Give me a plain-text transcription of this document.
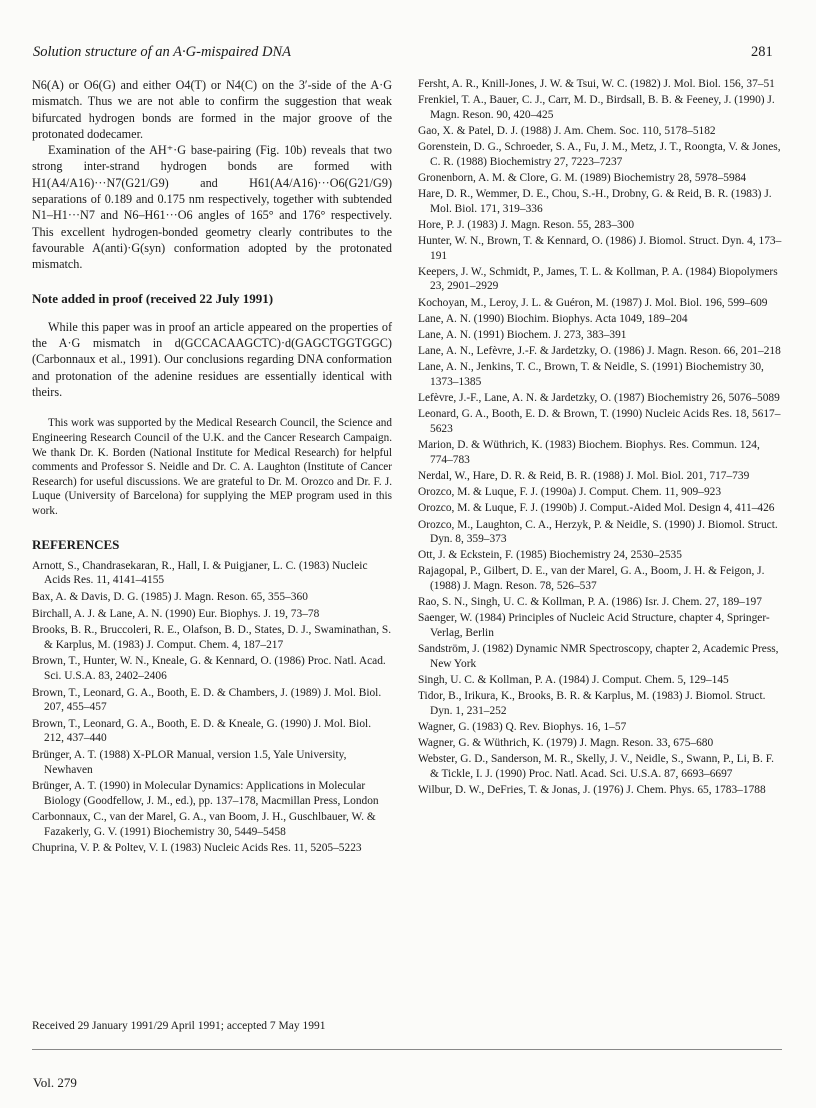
Solution structure of an A·G-mispaired DNA	281

N6(A) or O6(G) and either O4(T) or N4(C) on the 3′-side of the A·G mismatch. Thus we are not able to confirm the suggestion that weak bifurcated hydrogen bonds are formed in the major groove of the protonated dodecamer.

Examination of the AH⁺·G base-pairing (Fig. 10b) reveals that two strong inter-strand hydrogen bonds are formed with H1(A4/A16)···N7(G21/G9) and H61(A4/A16)···O6(G21/G9) separations of 0.189 and 0.175 nm respectively, together with subtended N1–H1···N7 and N6–H61···O6 angles of 165° and 176° respectively. This excellent hydrogen-bonded geometry clearly contributes to the favourable A(anti)·G(syn) conformation adopted by the protonated mismatch.

Note added in proof (received 22 July 1991)

While this paper was in proof an article appeared on the properties of the A·G mismatch in d(GCCACAAGCTC)·d(GAGCTGGTGGC) (Carbonnaux et al., 1991). Our conclusions regarding DNA conformation and protonation of the adenine residues are essentially identical with theirs.

This work was supported by the Medical Research Council, the Science and Engineering Research Council of the U.K. and the Cancer Research Campaign. We thank Dr. K. Borden (National Institute for Medical Research) for helpful comments and Professor S. Neidle and Dr. C. A. Laughton (Institute of Cancer Research) for useful discussions. We are grateful to Dr. M. Orozco and Dr. F. J. Luque (University of Barcelona) for supplying the MEP program used in this work.

REFERENCES
Arnott, S., Chandrasekaran, R., Hall, I. & Puigjaner, L. C. (1983) Nucleic Acids Res. 11, 4141–4155
Bax, A. & Davis, D. G. (1985) J. Magn. Reson. 65, 355–360
Birchall, A. J. & Lane, A. N. (1990) Eur. Biophys. J. 19, 73–78
Brooks, B. R., Bruccoleri, R. E., Olafson, B. D., States, D. J., Swaminathan, S. & Karplus, M. (1983) J. Comput. Chem. 4, 187–217
Brown, T., Hunter, W. N., Kneale, G. & Kennard, O. (1986) Proc. Natl. Acad. Sci. U.S.A. 83, 2402–2406
Brown, T., Leonard, G. A., Booth, E. D. & Chambers, J. (1989) J. Mol. Biol. 207, 455–457
Brown, T., Leonard, G. A., Booth, E. D. & Kneale, G. (1990) J. Mol. Biol. 212, 437–440
Brünger, A. T. (1988) X-PLOR Manual, version 1.5, Yale University, Newhaven
Brünger, A. T. (1990) in Molecular Dynamics: Applications in Molecular Biology (Goodfellow, J. M., ed.), pp. 137–178, Macmillan Press, London
Carbonnaux, C., van der Marel, G. A., van Boom, J. H., Guschlbauer, W. & Fazakerly, G. V. (1991) Biochemistry 30, 5449–5458
Chuprina, V. P. & Poltev, V. I. (1983) Nucleic Acids Res. 11, 5205–5223
Fersht, A. R., Knill-Jones, J. W. & Tsui, W. C. (1982) J. Mol. Biol. 156, 37–51
Frenkiel, T. A., Bauer, C. J., Carr, M. D., Birdsall, B. B. & Feeney, J. (1990) J. Magn. Reson. 90, 420–425
Gao, X. & Patel, D. J. (1988) J. Am. Chem. Soc. 110, 5178–5182
Gorenstein, D. G., Schroeder, S. A., Fu, J. M., Metz, J. T., Roongta, V. & Jones, C. R. (1988) Biochemistry 27, 7223–7237
Gronenborn, A. M. & Clore, G. M. (1989) Biochemistry 28, 5978–5984
Hare, D. R., Wemmer, D. E., Chou, S.-H., Drobny, G. & Reid, B. R. (1983) J. Mol. Biol. 171, 319–336
Hore, P. J. (1983) J. Magn. Reson. 55, 283–300
Hunter, W. N., Brown, T. & Kennard, O. (1986) J. Biomol. Struct. Dyn. 4, 173–191
Keepers, J. W., Schmidt, P., James, T. L. & Kollman, P. A. (1984) Biopolymers 23, 2901–2929
Kochoyan, M., Leroy, J. L. & Guéron, M. (1987) J. Mol. Biol. 196, 599–609
Lane, A. N. (1990) Biochim. Biophys. Acta 1049, 189–204
Lane, A. N. (1991) Biochem. J. 273, 383–391
Lane, A. N., Lefèvre, J.-F. & Jardetzky, O. (1986) J. Magn. Reson. 66, 201–218
Lane, A. N., Jenkins, T. C., Brown, T. & Neidle, S. (1991) Biochemistry 30, 1373–1385
Lefèvre, J.-F., Lane, A. N. & Jardetzky, O. (1987) Biochemistry 26, 5076–5089
Leonard, G. A., Booth, E. D. & Brown, T. (1990) Nucleic Acids Res. 18, 5617–5623
Marion, D. & Wüthrich, K. (1983) Biochem. Biophys. Res. Commun. 124, 774–783
Nerdal, W., Hare, D. R. & Reid, B. R. (1988) J. Mol. Biol. 201, 717–739
Orozco, M. & Luque, F. J. (1990a) J. Comput. Chem. 11, 909–923
Orozco, M. & Luque, F. J. (1990b) J. Comput.-Aided Mol. Design 4, 411–426
Orozco, M., Laughton, C. A., Herzyk, P. & Neidle, S. (1990) J. Biomol. Struct. Dyn. 8, 359–373
Ott, J. & Eckstein, F. (1985) Biochemistry 24, 2530–2535
Rajagopal, P., Gilbert, D. E., van der Marel, G. A., Boom, J. H. & Feigon, J. (1988) J. Magn. Reson. 78, 526–537
Rao, S. N., Singh, U. C. & Kollman, P. A. (1986) Isr. J. Chem. 27, 189–197
Saenger, W. (1984) Principles of Nucleic Acid Structure, chapter 4, Springer-Verlag, Berlin
Sandström, J. (1982) Dynamic NMR Spectroscopy, chapter 2, Academic Press, New York
Singh, U. C. & Kollman, P. A. (1984) J. Comput. Chem. 5, 129–145
Tidor, B., Irikura, K., Brooks, B. R. & Karplus, M. (1983) J. Biomol. Struct. Dyn. 1, 231–252
Wagner, G. (1983) Q. Rev. Biophys. 16, 1–57
Wagner, G. & Wüthrich, K. (1979) J. Magn. Reson. 33, 675–680
Webster, G. D., Sanderson, M. R., Skelly, J. V., Neidle, S., Swann, P., Li, B. F. & Tickle, I. J. (1990) Proc. Natl. Acad. Sci. U.S.A. 87, 6693–6697
Wilbur, D. W., DeFries, T. & Jonas, J. (1976) J. Chem. Phys. 65, 1783–1788
Received 29 January 1991/29 April 1991; accepted 7 May 1991
Vol. 279
